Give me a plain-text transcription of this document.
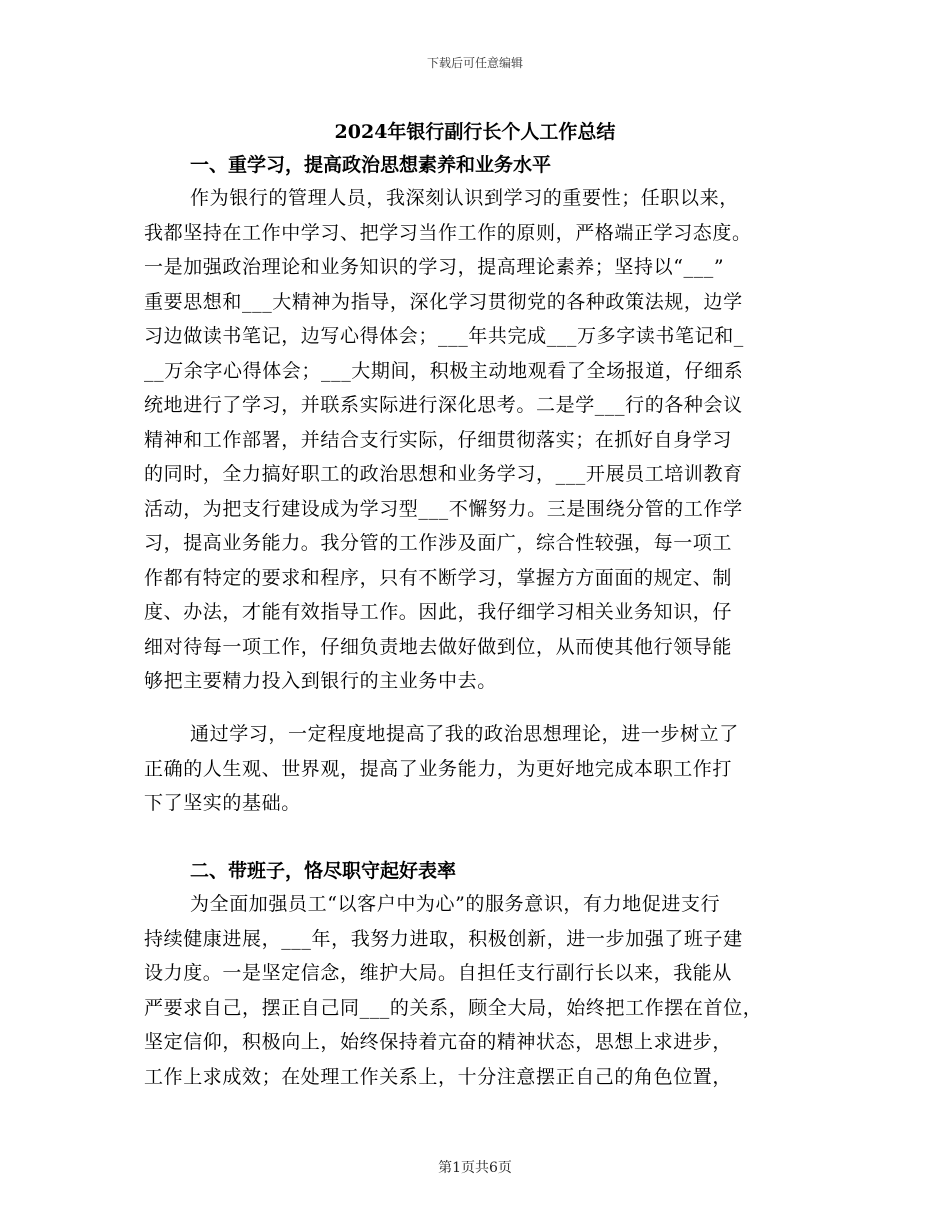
下载后可任意编辑
2024年银行副行长个人工作总结
一、重学习，提高政治思想素养和业务水平
作为银行的管理人员，我深刻认识到学习的重要性；任职以来，
我都坚持在工作中学习、把学习当作工作的原则，严格端正学习态度。
一是加强政治理论和业务知识的学习，提高理论素养；坚持以“___”
重要思想和___大精神为指导，深化学习贯彻党的各种政策法规，边学
习边做读书笔记，边写心得体会；___年共完成___万多字读书笔记和_
__万余字心得体会；___大期间，积极主动地观看了全场报道，仔细系
统地进行了学习，并联系实际进行深化思考。二是学___行的各种会议
精神和工作部署，并结合支行实际，仔细贯彻落实；在抓好自身学习
的同时，全力搞好职工的政治思想和业务学习，___开展员工培训教育
活动，为把支行建设成为学习型___不懈努力。三是围绕分管的工作学
习，提高业务能力。我分管的工作涉及面广，综合性较强，每一项工
作都有特定的要求和程序，只有不断学习，掌握方方面面的规定、制
度、办法，才能有效指导工作。因此，我仔细学习相关业务知识，仔
细对待每一项工作，仔细负责地去做好做到位，从而使其他行领导能
够把主要精力投入到银行的主业务中去。
通过学习，一定程度地提高了我的政治思想理论，进一步树立了
正确的人生观、世界观，提高了业务能力，为更好地完成本职工作打
下了坚实的基础。
二、带班子，恪尽职守起好表率
为全面加强员工“以客户中为心”的服务意识，有力地促进支行
持续健康进展，___年，我努力进取，积极创新，进一步加强了班子建
设力度。一是坚定信念，维护大局。自担任支行副行长以来，我能从
严要求自己，摆正自己同___的关系，顾全大局，始终把工作摆在首位，
坚定信仰，积极向上，始终保持着亢奋的精神状态，思想上求进步，
工作上求成效；在处理工作关系上，十分注意摆正自己的角色位置，
第1页共6页
